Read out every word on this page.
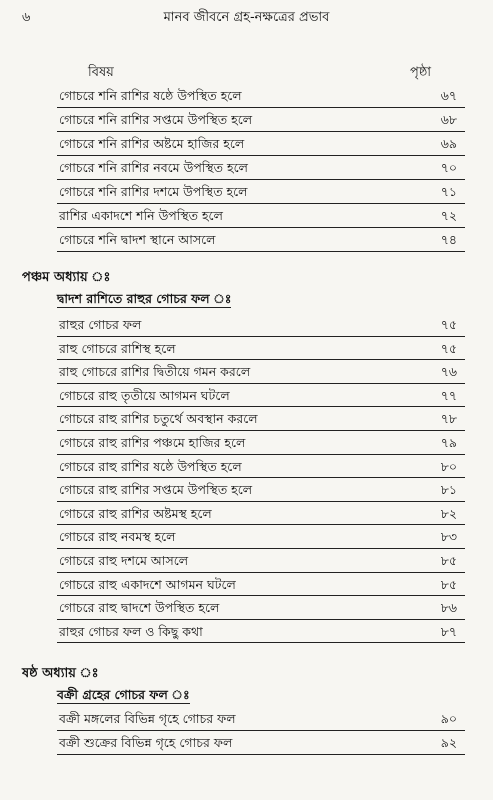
৬	মানব জীবনে গ্রহ-নক্ষত্রের প্রভাব
বিষয়	পৃষ্ঠা
গোচরে শনি রাশির ষষ্ঠে উপস্থিত হলে	৬৭
গোচরে শনি রাশির সপ্তমে উপস্থিত হলে	৬৮
গোচরে শনি রাশির অষ্টমে হাজির হলে	৬৯
গোচরে শনি রাশির নবমে উপস্থিত হলে	৭০
গোচরে শনি রাশির দশমে উপস্থিত হলে	৭১
রাশির একাদশে শনি উপস্থিত হলে	৭২
গোচরে শনি দ্বাদশ স্থানে আসলে	৭৪
পঞ্চম অধ্যায় ঃ
দ্বাদশ রাশিতে রাহুর গোচর ফল ঃ
রাহুর গোচর ফল	৭৫
রাহু গোচরে রাশিস্থ হলে	৭৫
রাহু গোচরে রাশির দ্বিতীয়ে গমন করলে	৭৬
গোচরে রাহু তৃতীয়ে আগমন ঘটলে	৭৭
গোচরে রাহু রাশির চতুর্থে অবস্থান করলে	৭৮
গোচরে রাহু রাশির পঞ্চমে হাজির হলে	৭৯
গোচরে রাহু রাশির ষষ্ঠে উপস্থিত হলে	৮০
গোচরে রাহু রাশির সপ্তমে উপস্থিত হলে	৮১
গোচরে রাহু রাশির অষ্টমস্থ হলে	৮২
গোচরে রাহু নবমস্থ হলে	৮৩
গোচরে রাহু দশমে আসলে	৮৫
গোচরে রাহু একাদশে আগমন ঘটলে	৮৫
গোচরে রাহু দ্বাদশে উপস্থিত হলে	৮৬
রাহুর গোচর ফল ও কিছু কথা	৮৭
ষষ্ঠ অধ্যায় ঃ
বক্রী গ্রহের গোচর ফল ঃ
বক্রী মঙ্গলের বিভিন্ন গৃহে গোচর ফল	৯০
বক্রী শুক্রের বিভিন্ন গৃহে গোচর ফল	৯২
